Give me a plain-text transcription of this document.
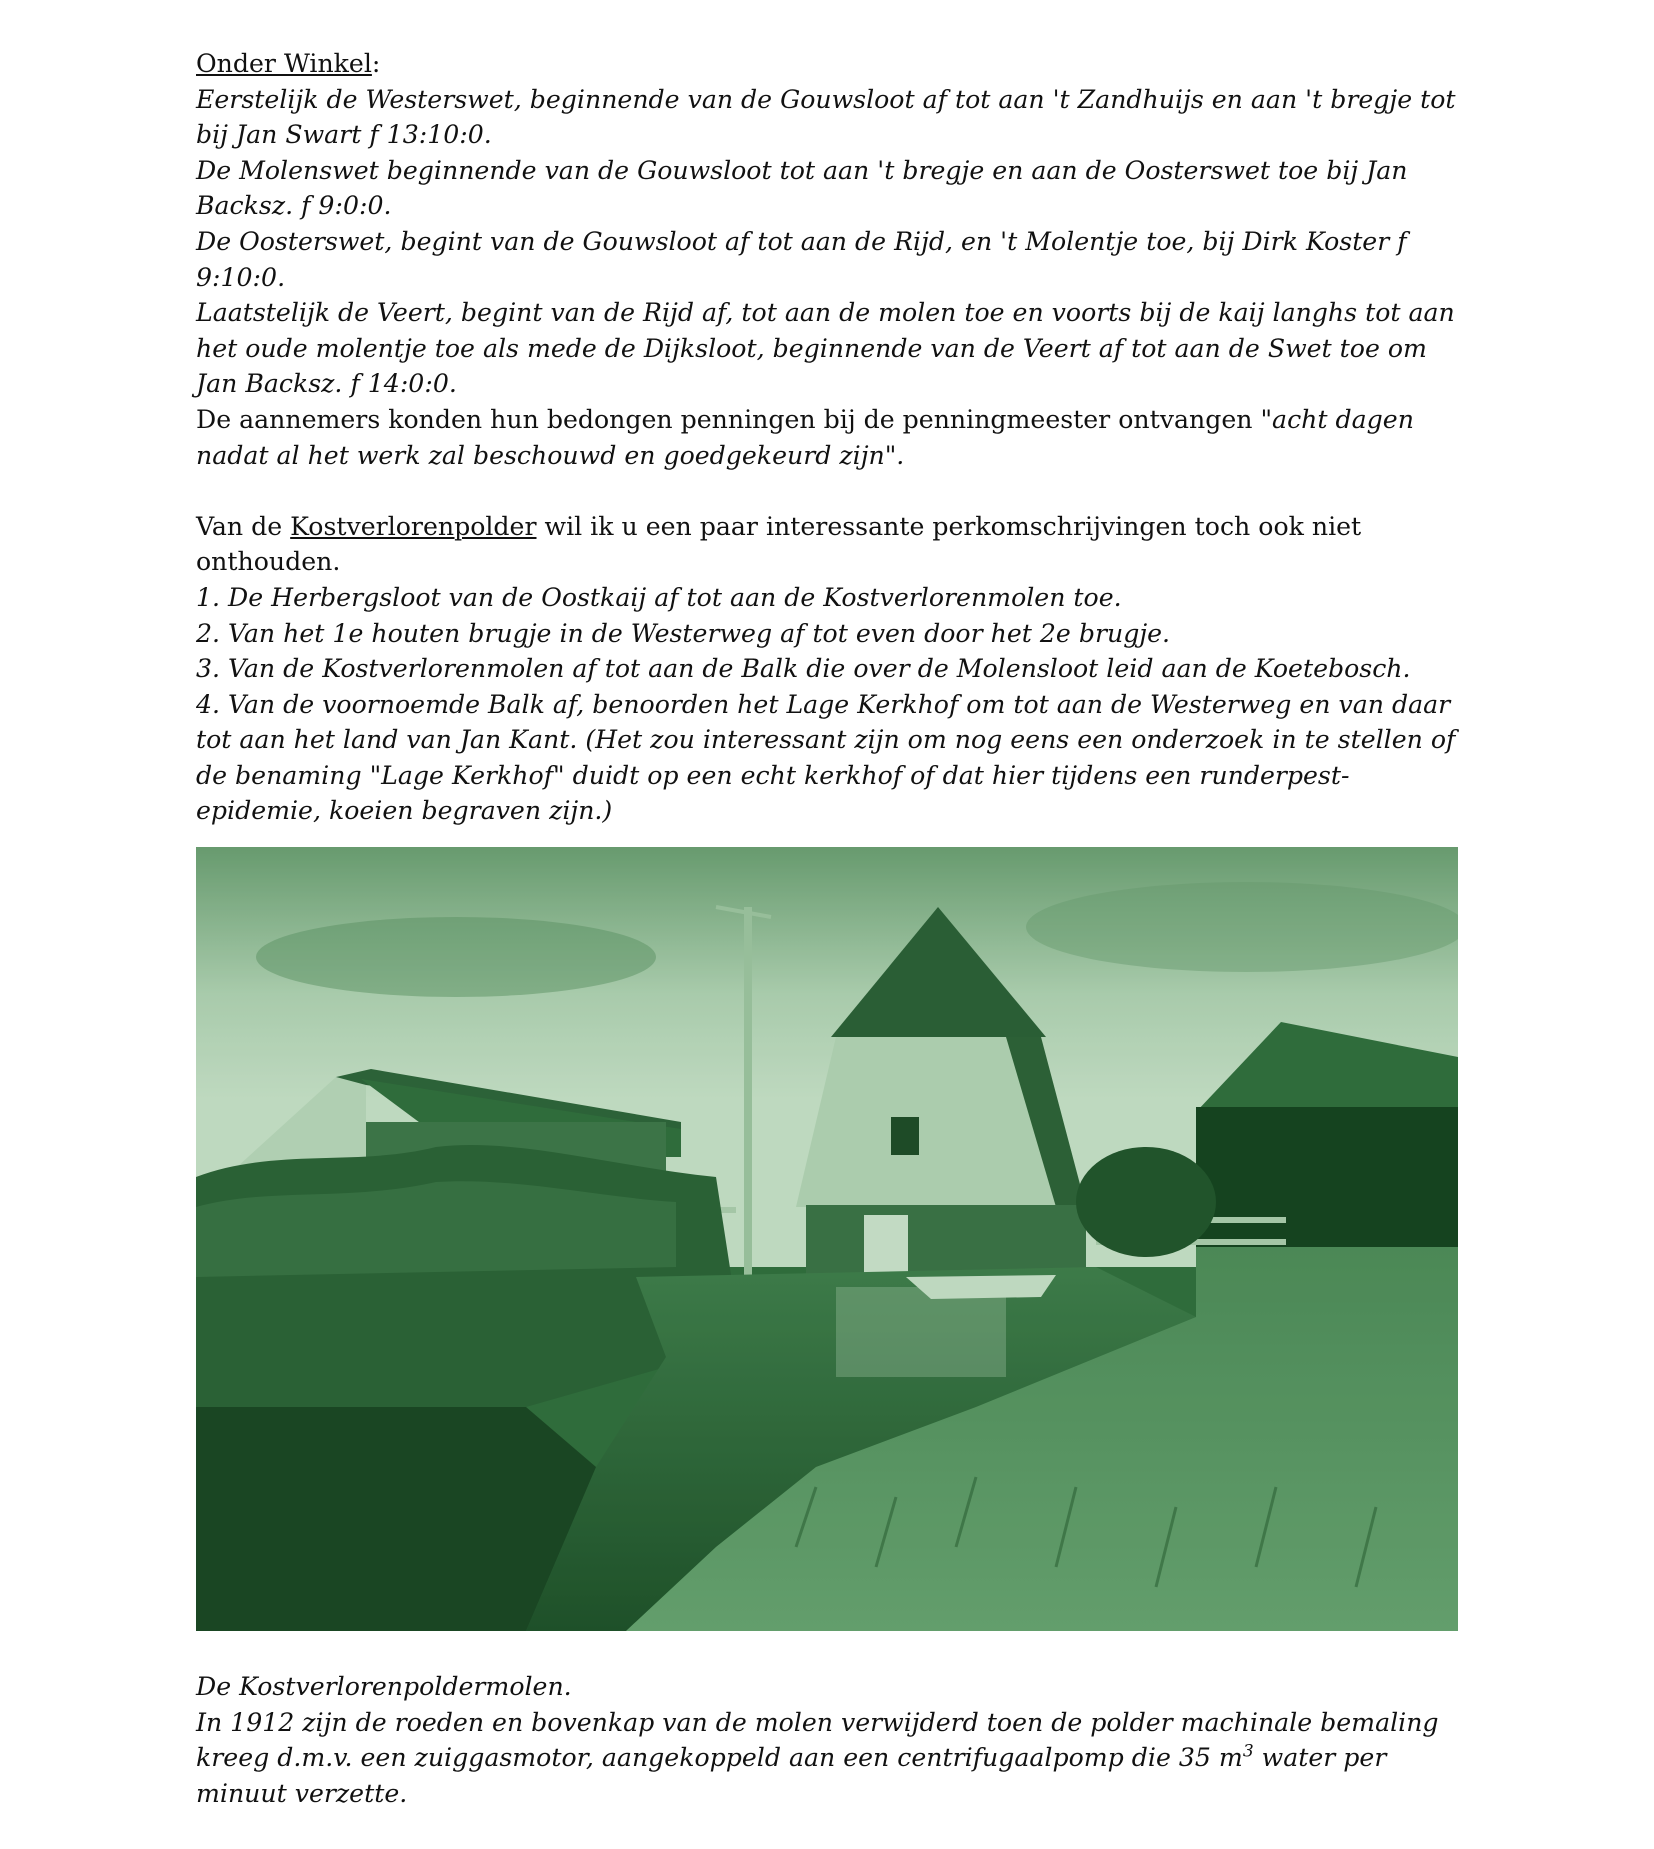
Onder Winkel:

Eerstelijk de Westerswet, beginnende van de Gouwsloot af tot aan 't Zandhuijs en aan 't bregje tot bij Jan Swart f 13:10:0.

De Molenswet beginnende van de Gouwsloot tot aan 't bregje en aan de Oosterswet toe bij Jan Backsz. f 9:0:0.

De Oosterswet, begint van de Gouwsloot af tot aan de Rijd, en 't Molentje toe, bij Dirk Koster f 9:10:0.

Laatstelijk de Veert, begint van de Rijd af, tot aan de molen toe en voorts bij de kaij langhs tot aan het oude molentje toe als mede de Dijksloot, beginnende van de Veert af tot aan de Swet toe om Jan Backsz. f 14:0:0.

De aannemers konden hun bedongen penningen bij de penningmeester ontvangen "acht dagen nadat al het werk zal beschouwd en goedgekeurd zijn".

Van de Kostverlorenpolder wil ik u een paar interessante perkomschrijvingen toch ook niet onthouden.

1. De Herbergsloot van de Oostkaij af tot aan de Kostverlorenmolen toe.

2. Van het 1e houten brugje in de Westerweg af tot even door het 2e brugje.

3. Van de Kostverlorenmolen af tot aan de Balk die over de Molensloot leid aan de Koetebosch.

4. Van de voornoemde Balk af, benoorden het Lage Kerkhof om tot aan de Westerweg en van daar tot aan het land van Jan Kant. (Het zou interessant zijn om nog eens een onderzoek in te stellen of de benaming "Lage Kerkhof" duidt op een echt kerkhof of dat hier tijdens een runderpest-epidemie, koeien begraven zijn.)

De Kostverlorenpoldermolen.

In 1912 zijn de roeden en bovenkap van de molen verwijderd toen de polder machinale bemaling kreeg d.m.v. een zuiggasmotor, aangekoppeld aan een centrifugaalpomp die 35 $m^3$ water per minuut verzette.
